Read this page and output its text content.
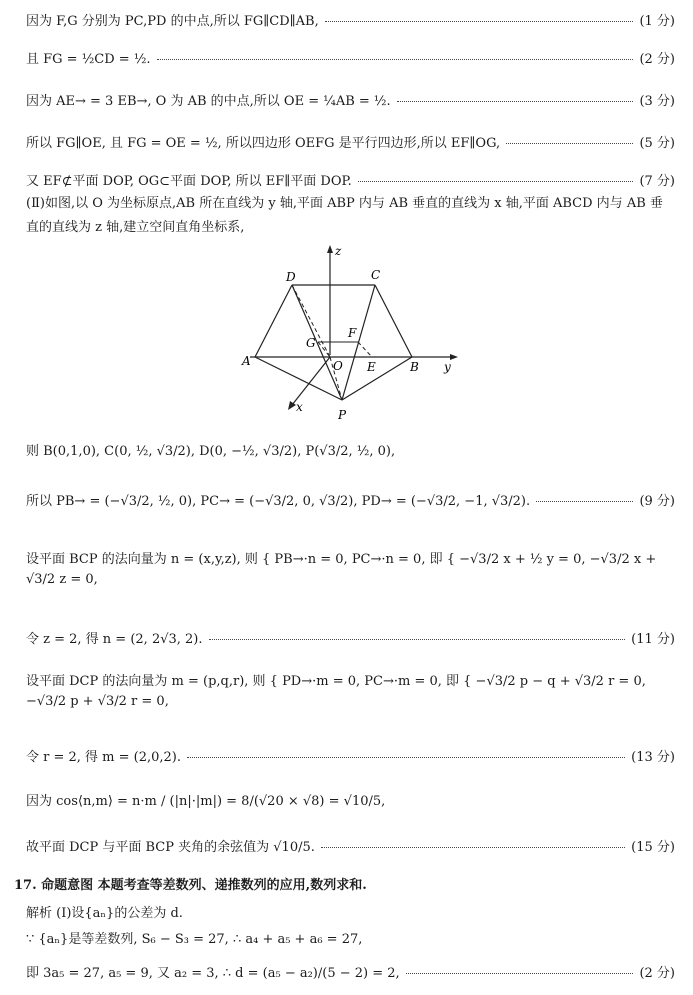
因为 F,G 分别为 PC,PD 的中点,所以 FG∥CD∥AB,	(1 分)
且 FG = ½CD = ½.	(2 分)
因为 AE→ = 3 EB→, O 为 AB 的中点,所以 OE = ¼AB = ½.	(3 分)
所以 FG∥OE, 且 FG = OE = ½, 所以四边形 OEFG 是平行四边形,所以 EF∥OG,	(5 分)
又 EF⊄平面 DOP, OG⊂平面 DOP, 所以 EF∥平面 DOP.	(7 分)
(Ⅱ)如图,以 O 为坐标原点,AB 所在直线为 y 轴,平面 ABP 内与 AB 垂直的直线为 x 轴,平面 ABCD 内与 AB 垂直的直线为 z 轴,建立空间直角坐标系,
D	C
A	B
P
O E
F
G
z
y
x
则 B(0,1,0), C(0, ½, √3/2), D(0, −½, √3/2), P(√3/2, ½, 0),
所以 PB→ = (−√3/2, ½, 0), PC→ = (−√3/2, 0, √3/2), PD→ = (−√3/2, −1, √3/2).	(9 分)
设平面 BCP 的法向量为 n = (x,y,z), 则 { PB→·n = 0, PC→·n = 0, 即 { −√3/2 x + ½ y = 0, −√3/2 x + √3/2 z = 0,
令 z = 2, 得 n = (2, 2√3, 2).	(11 分)
设平面 DCP 的法向量为 m = (p,q,r), 则 { PD→·m = 0, PC→·m = 0, 即 { −√3/2 p − q + √3/2 r = 0, −√3/2 p + √3/2 r = 0,
令 r = 2, 得 m = (2,0,2).	(13 分)
因为 cos⟨n,m⟩ = n·m / (|n|·|m|) = 8/(√20 × √8) = √10/5,
故平面 DCP 与平面 BCP 夹角的余弦值为 √10/5.	(15 分)
17. 命题意图 本题考查等差数列、递推数列的应用,数列求和.
解析 (Ⅰ)设{aₙ}的公差为 d.
∵ {aₙ}是等差数列, S₆ − S₃ = 27, ∴ a₄ + a₅ + a₆ = 27,
即 3a₅ = 27, a₅ = 9, 又 a₂ = 3, ∴ d = (a₅ − a₂)/(5 − 2) = 2,	(2 分)
